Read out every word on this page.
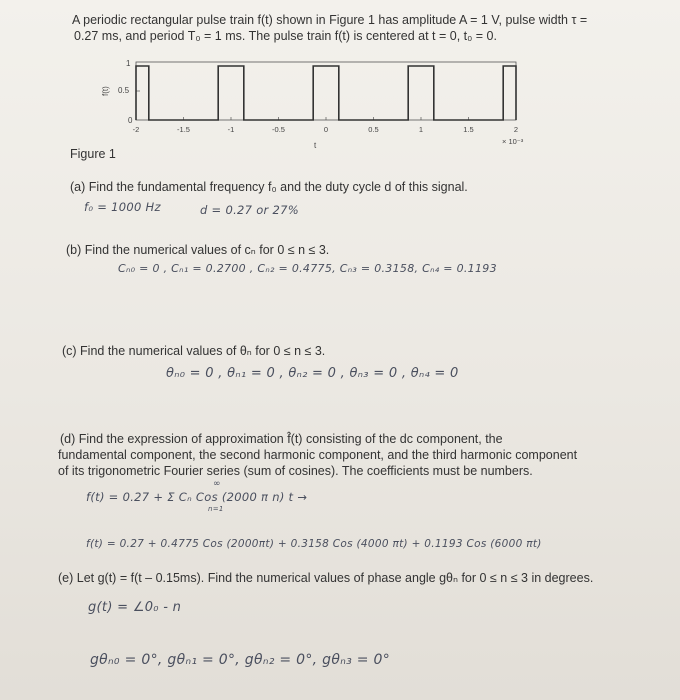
A periodic rectangular pulse train f(t) shown in Figure 1 has amplitude A = 1 V, pulse width τ =
0.27 ms, and period T₀ = 1 ms. The pulse train f(t) is centered at t = 0, t₀ = 0.
f(t)
1
0.5
0
-2	-1.5	-1	-0.5	0	0.5	1	1.5	2
× 10⁻³
t
Figure 1
(a) Find the fundamental frequency f₀ and the duty cycle d of this signal.
f₀ = 1000 Hz	d = 0.27 or 27%
(b) Find the numerical values of cₙ for 0 ≤ n ≤ 3.
Cₙ₀ = 0 , Cₙ₁ = 0.2700 , Cₙ₂ = 0.4775, Cₙ₃ = 0.3158, Cₙ₄ = 0.1193
(c) Find the numerical values of θₙ for 0 ≤ n ≤ 3.
θₙ₀ = 0 , θₙ₁ = 0 , θₙ₂ = 0 , θₙ₃ = 0 , θₙ₄ = 0
(d) Find the expression of approximation f̂(t) consisting of the dc component, the
fundamental component, the second harmonic component, and the third harmonic component
of its trigonometric Fourier series (sum of cosines). The coefficients must be numbers.
∞
f(t) = 0.27 + Σ Cₙ Cos (2000 π n) t →
n=1
f(t) = 0.27 + 0.4775 Cos (2000πt) + 0.3158 Cos (4000 πt) + 0.1193 Cos (6000 πt)
(e) Let g(t) = f(t – 0.15ms). Find the numerical values of phase angle gθₙ for 0 ≤ n ≤ 3 in degrees.
g(t) = ∠0₀ - n
gθₙ₀ = 0°, gθₙ₁ = 0°, gθₙ₂ = 0°, gθₙ₃ = 0°
